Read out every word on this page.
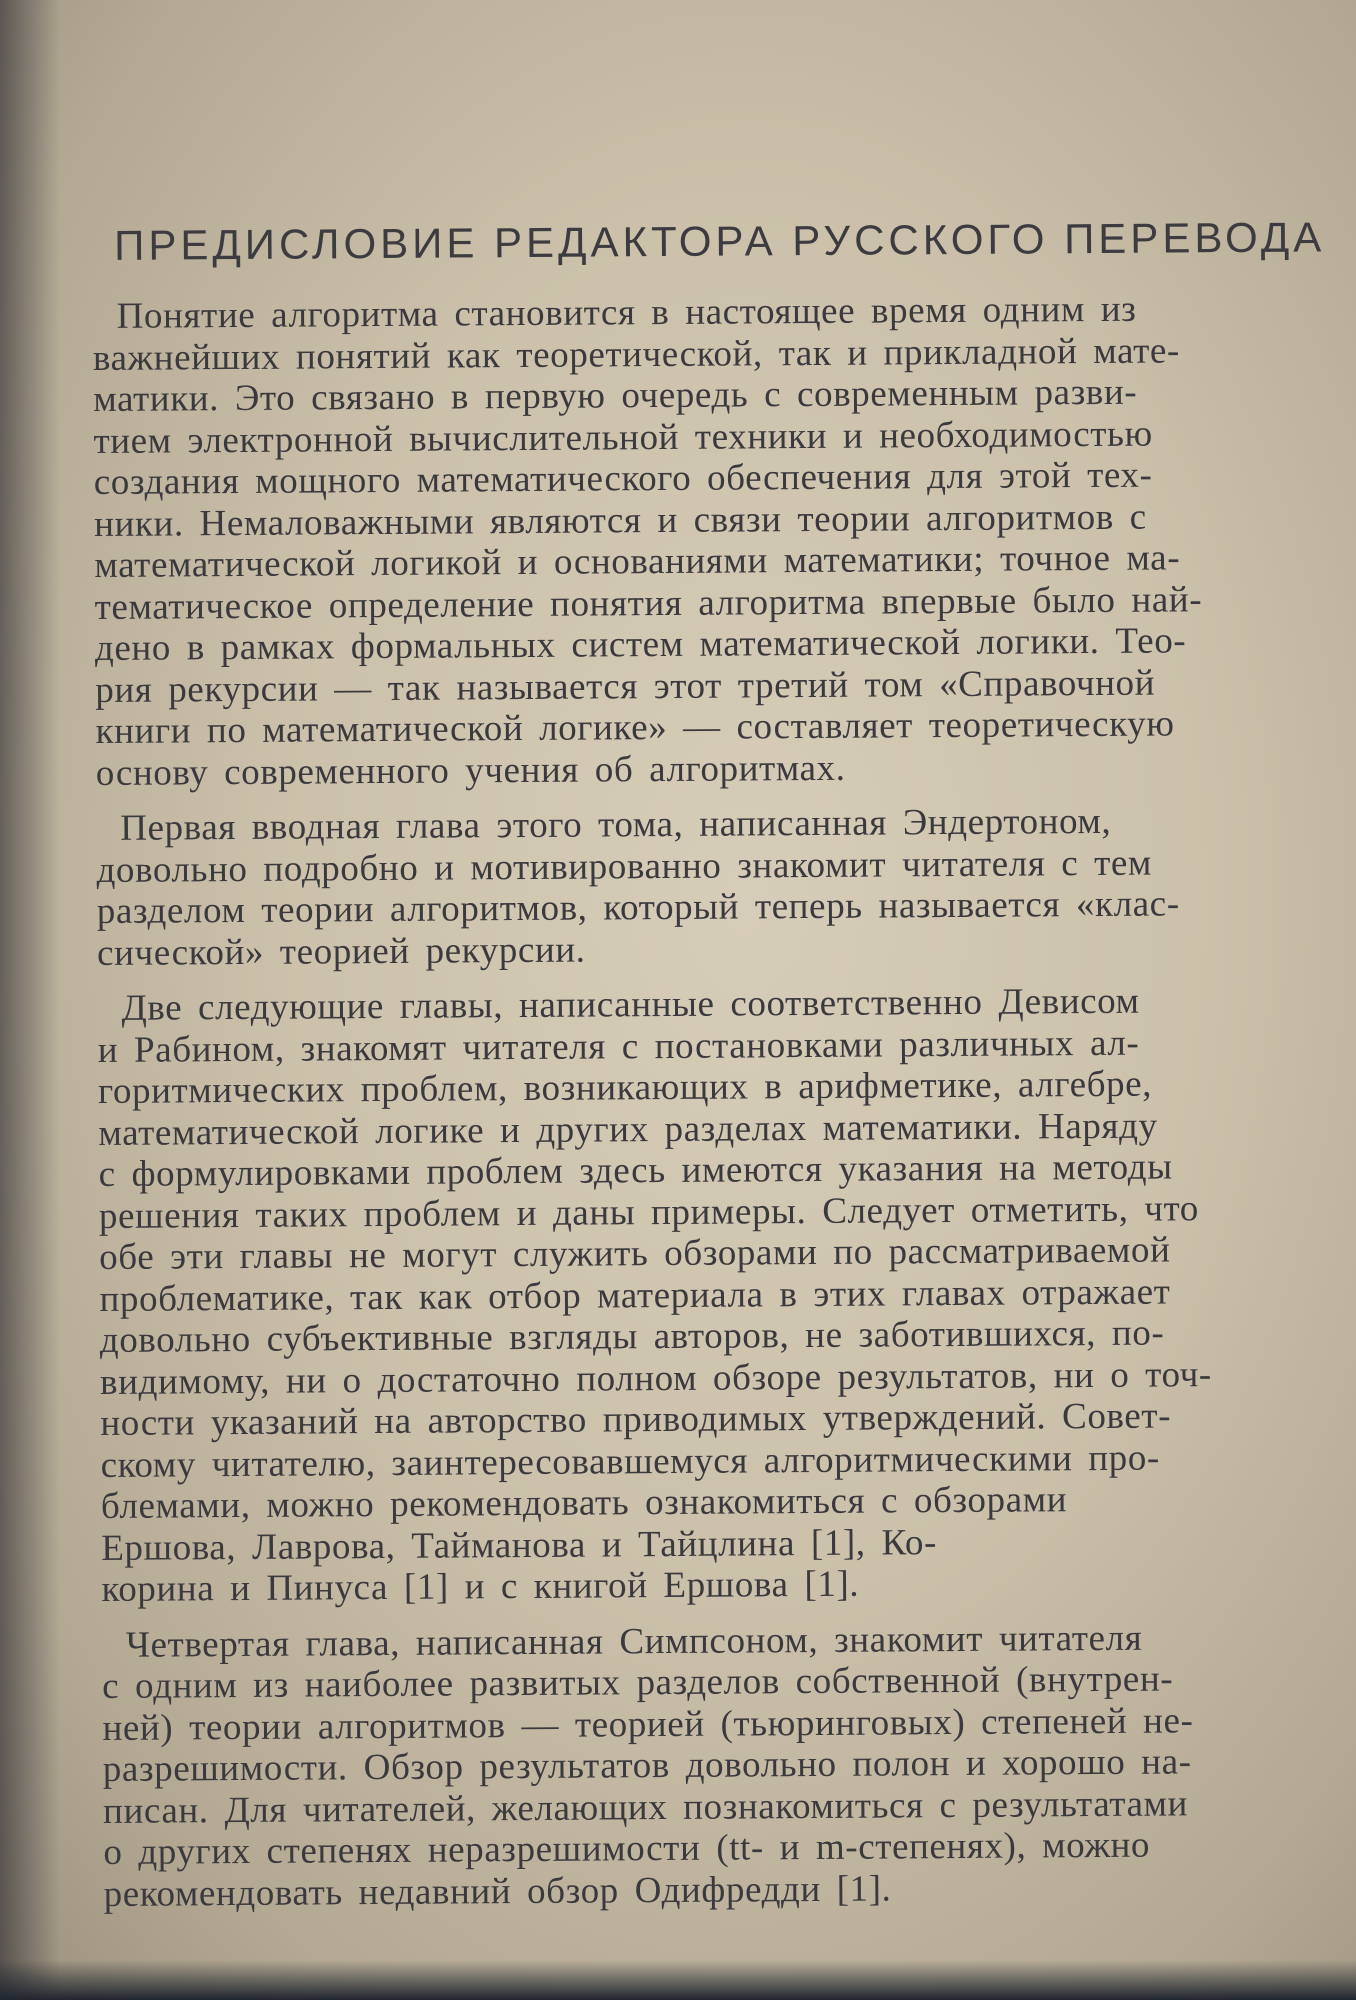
ПРЕДИСЛОВИЕ РЕДАКТОРА РУССКОГО ПЕРЕВОДА
Понятие алгоритма становится в настоящее время одним из
важнейших понятий как теоретической, так и прикладной мате-
матики. Это связано в первую очередь с современным разви-
тием электронной вычислительной техники и необходимостью
создания мощного математического обеспечения для этой тех-
ники. Немаловажными являются и связи теории алгоритмов с
математической логикой и основаниями математики; точное ма-
тематическое определение понятия алгоритма впервые было най-
дено в рамках формальных систем математической логики. Тео-
рия рекурсии — так называется этот третий том «Справочной
книги по математической логике» — составляет теоретическую
основу современного учения об алгоритмах.
Первая вводная глава этого тома, написанная Эндертоном,
довольно подробно и мотивированно знакомит читателя с тем
разделом теории алгоритмов, который теперь называется «клас-
сической» теорией рекурсии.
Две следующие главы, написанные соответственно Девисом
и Рабином, знакомят читателя с постановками различных ал-
горитмических проблем, возникающих в арифметике, алгебре,
математической логике и других разделах математики. Наряду
с формулировками проблем здесь имеются указания на методы
решения таких проблем и даны примеры. Следует отметить, что
обе эти главы не могут служить обзорами по рассматриваемой
проблематике, так как отбор материала в этих главах отражает
довольно субъективные взгляды авторов, не заботившихся, по-
видимому, ни о достаточно полном обзоре результатов, ни о точ-
ности указаний на авторство приводимых утверждений. Совет-
скому читателю, заинтересовавшемуся алгоритмическими про-
блемами, можно рекомендовать ознакомиться с обзорами
Ершова, Лаврова, Тайманова и Тайцлина [1], Ко-
корина и Пинуса [1] и с книгой Ершова [1].
Четвертая глава, написанная Симпсоном, знакомит читателя
с одним из наиболее развитых разделов собственной (внутрен-
ней) теории алгоритмов — теорией (тьюринговых) степеней не-
разрешимости. Обзор результатов довольно полон и хорошо на-
писан. Для читателей, желающих познакомиться с результатами
о других степенях неразрешимости (tt- и m-степенях), можно
рекомендовать недавний обзор Одифредди [1].
